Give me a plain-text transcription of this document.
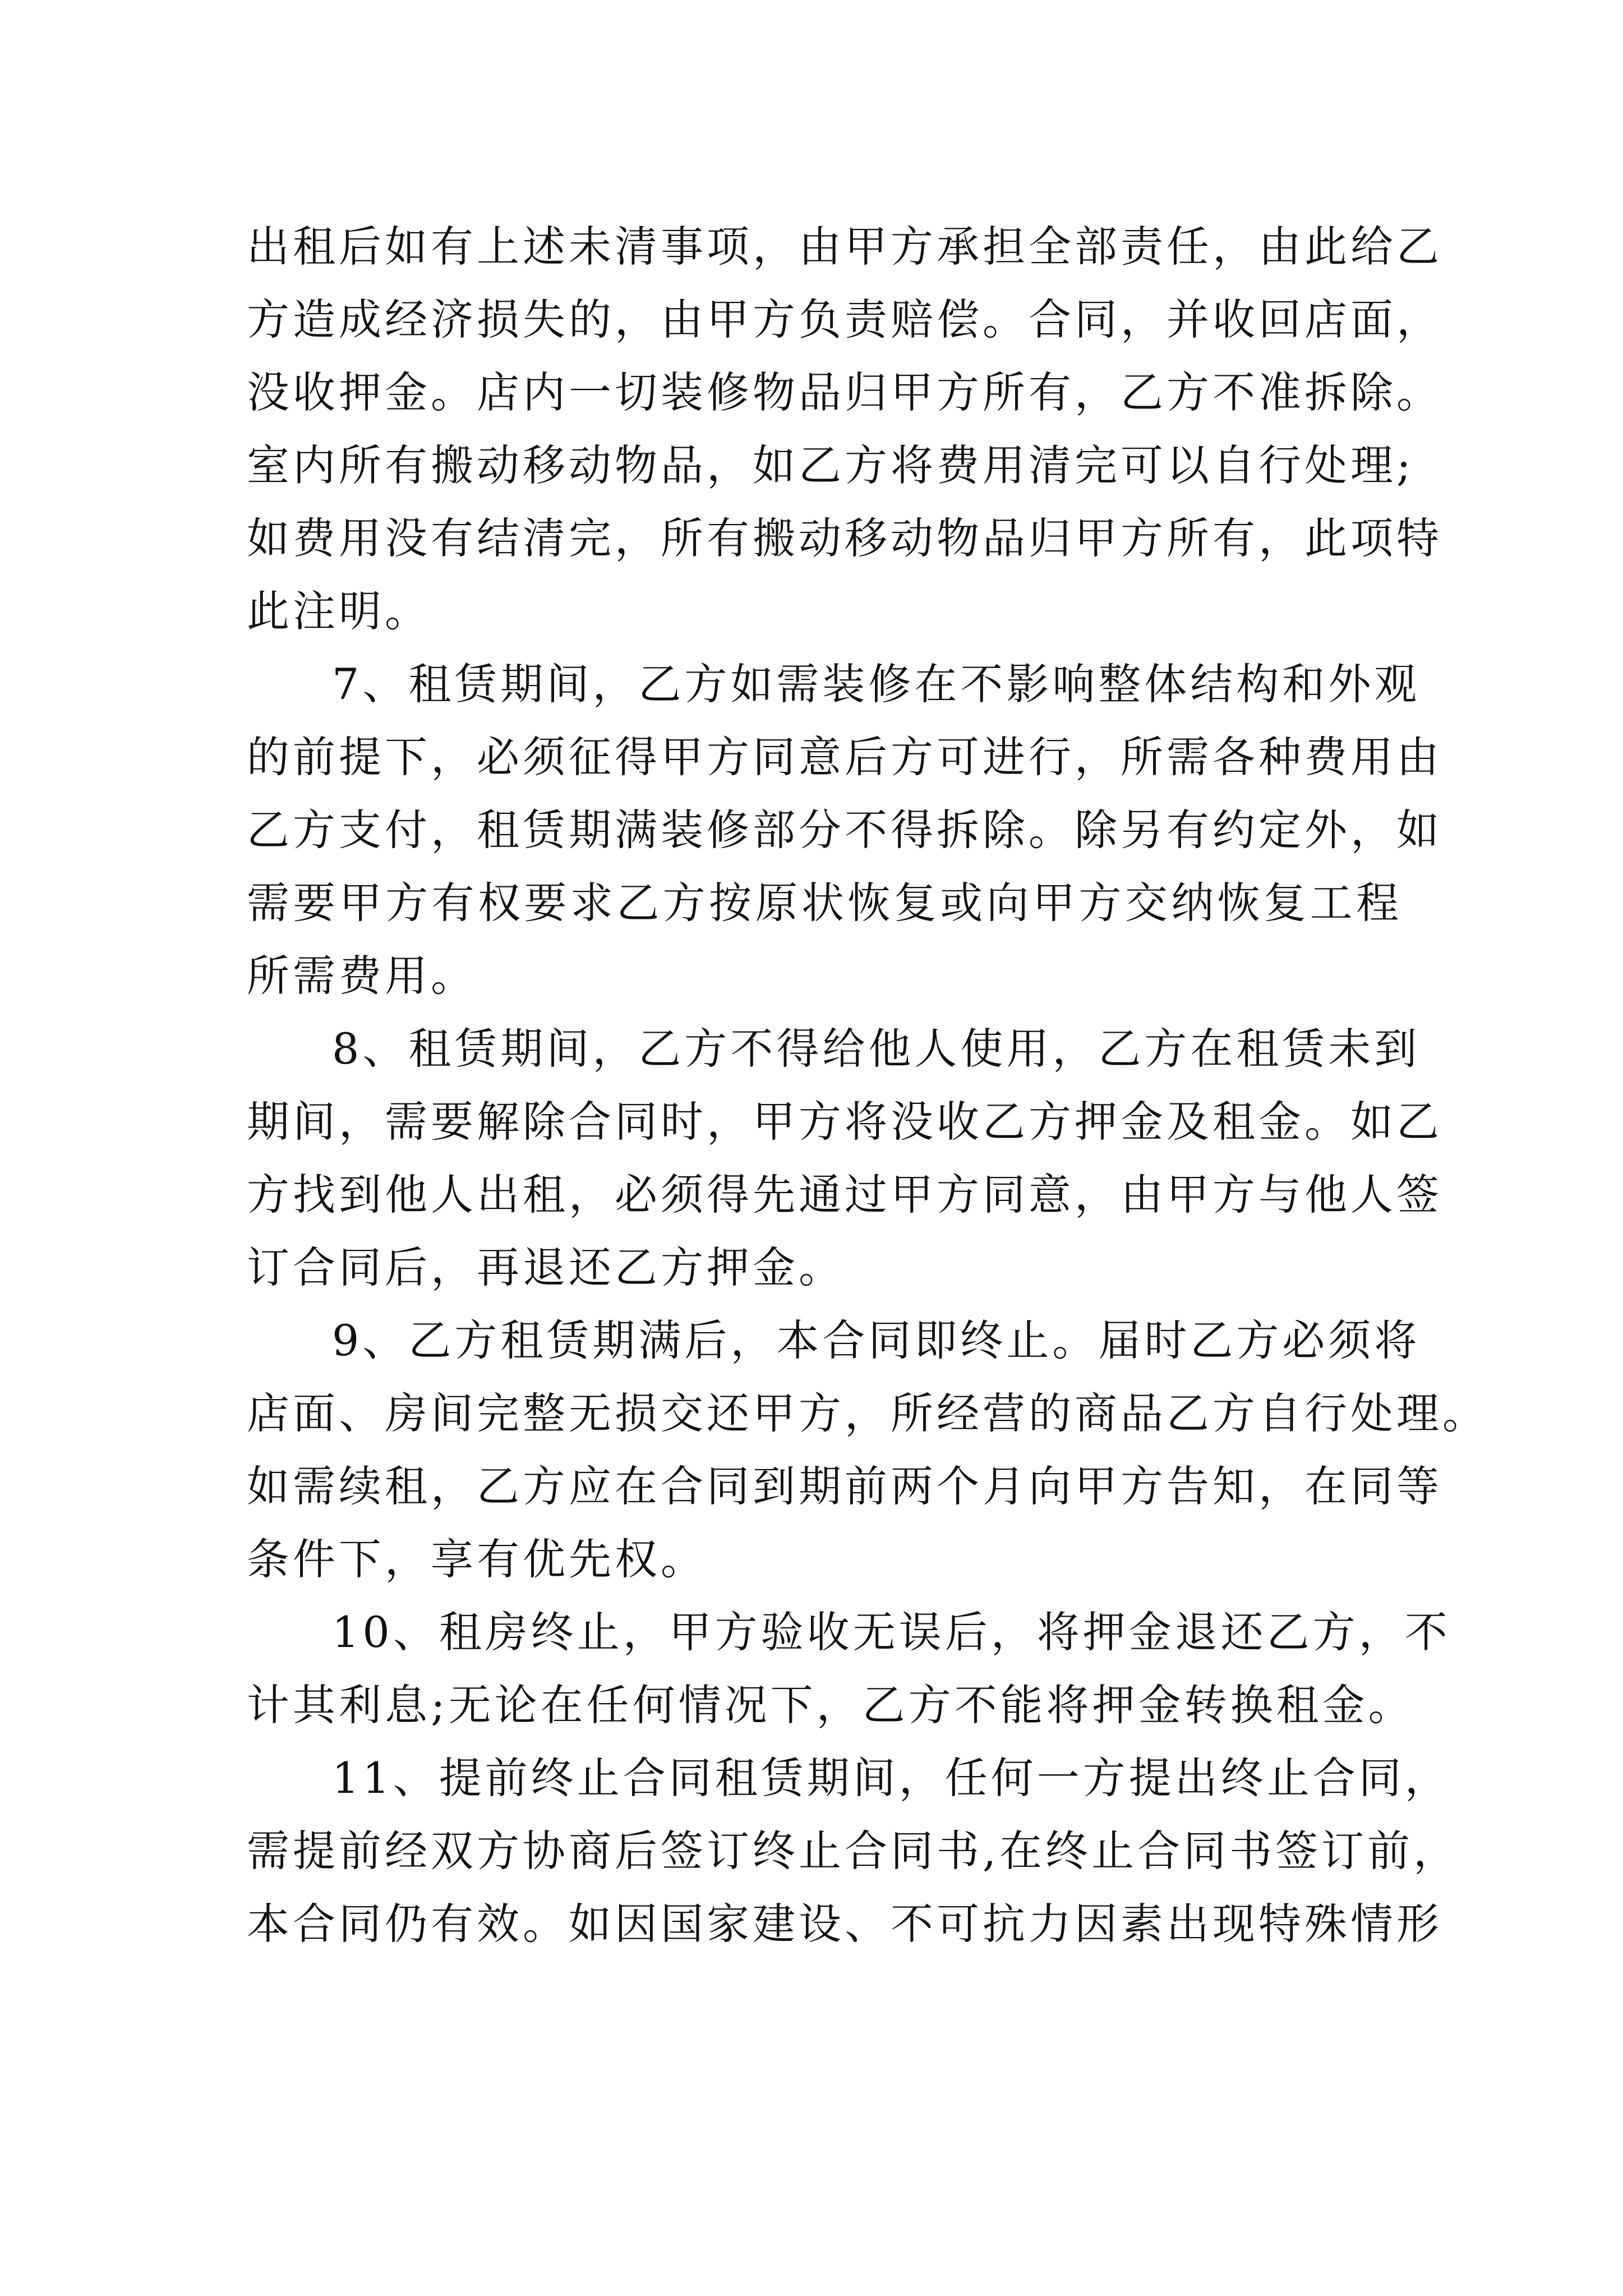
出租后如有上述未清事项，由甲方承担全部责任，由此给乙
方造成经济损失的，由甲方负责赔偿。合同，并收回店面，
没收押金。店内一切装修物品归甲方所有，乙方不准拆除。
室内所有搬动移动物品，如乙方将费用清完可以自行处理;
如费用没有结清完，所有搬动移动物品归甲方所有，此项特
此注明。

7、租赁期间，乙方如需装修在不影响整体结构和外观
的前提下，必须征得甲方同意后方可进行，所需各种费用由
乙方支付，租赁期满装修部分不得拆除。除另有约定外，如
需要甲方有权要求乙方按原状恢复或向甲方交纳恢复工程
所需费用。

8、租赁期间，乙方不得给他人使用，乙方在租赁未到
期间，需要解除合同时，甲方将没收乙方押金及租金。如乙
方找到他人出租，必须得先通过甲方同意，由甲方与他人签
订合同后，再退还乙方押金。

9、乙方租赁期满后，本合同即终止。届时乙方必须将
店面、房间完整无损交还甲方，所经营的商品乙方自行处理。
如需续租，乙方应在合同到期前两个月向甲方告知，在同等
条件下，享有优先权。

10、租房终止，甲方验收无误后，将押金退还乙方，不
计其利息;无论在任何情况下，乙方不能将押金转换租金。

11、提前终止合同租赁期间，任何一方提出终止合同，
需提前经双方协商后签订终止合同书,在终止合同书签订前，
本合同仍有效。如因国家建设、不可抗力因素出现特殊情形
